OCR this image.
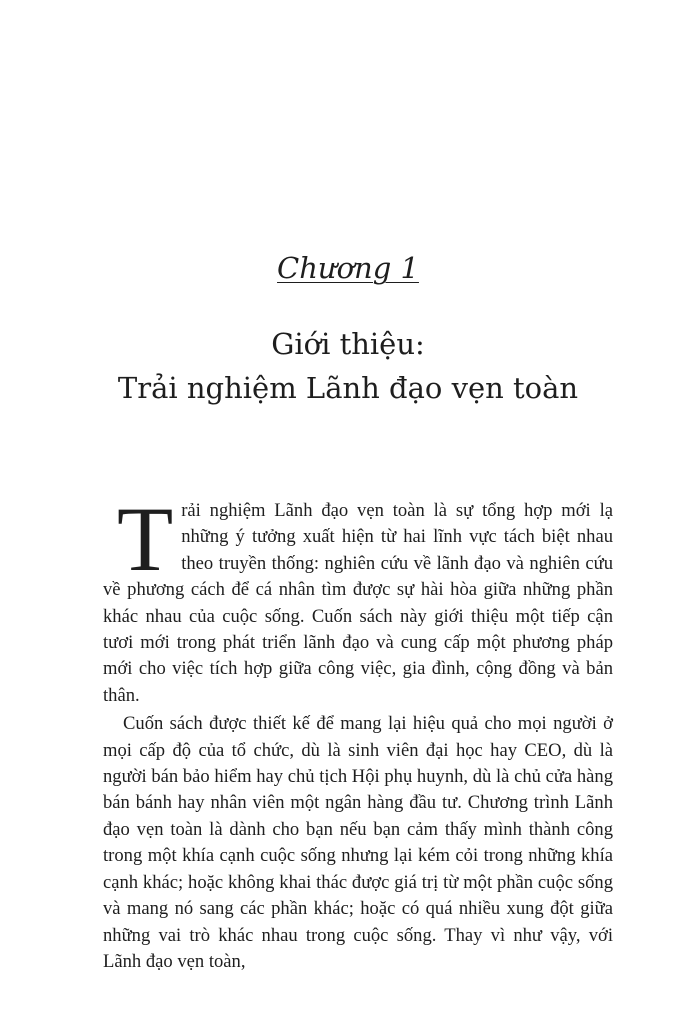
Chương 1
Giới thiệu:
Trải nghiệm Lãnh đạo vẹn toàn

Trải nghiệm Lãnh đạo vẹn toàn là sự tổng hợp mới lạ những ý tưởng xuất hiện từ hai lĩnh vực tách biệt nhau theo truyền thống: nghiên cứu về lãnh đạo và nghiên cứu về phương cách để cá nhân tìm được sự hài hòa giữa những phần khác nhau của cuộc sống. Cuốn sách này giới thiệu một tiếp cận tươi mới trong phát triển lãnh đạo và cung cấp một phương pháp mới cho việc tích hợp giữa công việc, gia đình, cộng đồng và bản thân.

Cuốn sách được thiết kế để mang lại hiệu quả cho mọi người ở mọi cấp độ của tổ chức, dù là sinh viên đại học hay CEO, dù là người bán bảo hiểm hay chủ tịch Hội phụ huynh, dù là chủ cửa hàng bán bánh hay nhân viên một ngân hàng đầu tư. Chương trình Lãnh đạo vẹn toàn là dành cho bạn nếu bạn cảm thấy mình thành công trong một khía cạnh cuộc sống nhưng lại kém cỏi trong những khía cạnh khác; hoặc không khai thác được giá trị từ một phần cuộc sống và mang nó sang các phần khác; hoặc có quá nhiều xung đột giữa những vai trò khác nhau trong cuộc sống. Thay vì như vậy, với Lãnh đạo vẹn toàn,
